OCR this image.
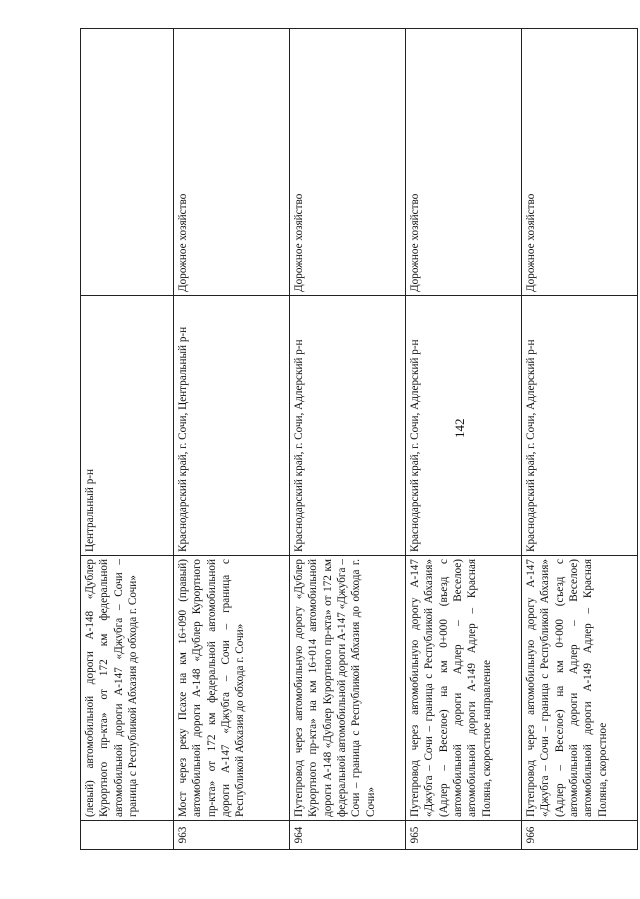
142
	(левый) автомобильной дороги А-148 «Дублер Курортного пр-кта» от 172 км федеральной автомобильной дороги А-147 «Джубга – Сочи – граница с Республикой Абхазия до обхода г. Сочи»	Центральный р-н	
963	Мост через реку Псахе на км 16+090 (правый) автомобильной дороги А-148 «Дублер Курортного пр-кта» от 172 км федеральной автомобильной дороги А-147 «Джубга – Сочи – граница с Республикой Абхазия до обхода г. Сочи»	Краснодарский край, г. Сочи, Центральный р-н	Дорожное хозяйство
964	Путепровод через автомобильную дорогу «Дублер Курортного пр-кта» на км 16+014 автомобильной дороги А-148 «Дублер Курортного пр-кта» от 172 км федеральной автомобильной дороги А-147 «Джубга – Сочи – граница с Республикой Абхазия до обхода г. Сочи»	Краснодарский край, г. Сочи, Адлерский р-н	Дорожное хозяйство
965	Путепровод через автомобильную дорогу А-147 «Джубга – Сочи – граница с Республикой Абхазия» (Адлер – Веселое) на км 0+000 (въезд с автомобильной дороги Адлер – Веселое) автомобильной дороги А-149 Адлер – Красная Поляна, скоростное направление	Краснодарский край, г. Сочи, Адлерский р-н	Дорожное хозяйство
966	Путепровод через автомобильную дорогу А-147 «Джубга – Сочи – граница с Республикой Абхазия» (Адлер – Веселое) на км 0+000 (съезд с автомобильной дороги Адлер – Веселое) автомобильной дороги А-149 Адлер – Красная Поляна, скоростное	Краснодарский край, г. Сочи, Адлерский р-н	Дорожное хозяйство
